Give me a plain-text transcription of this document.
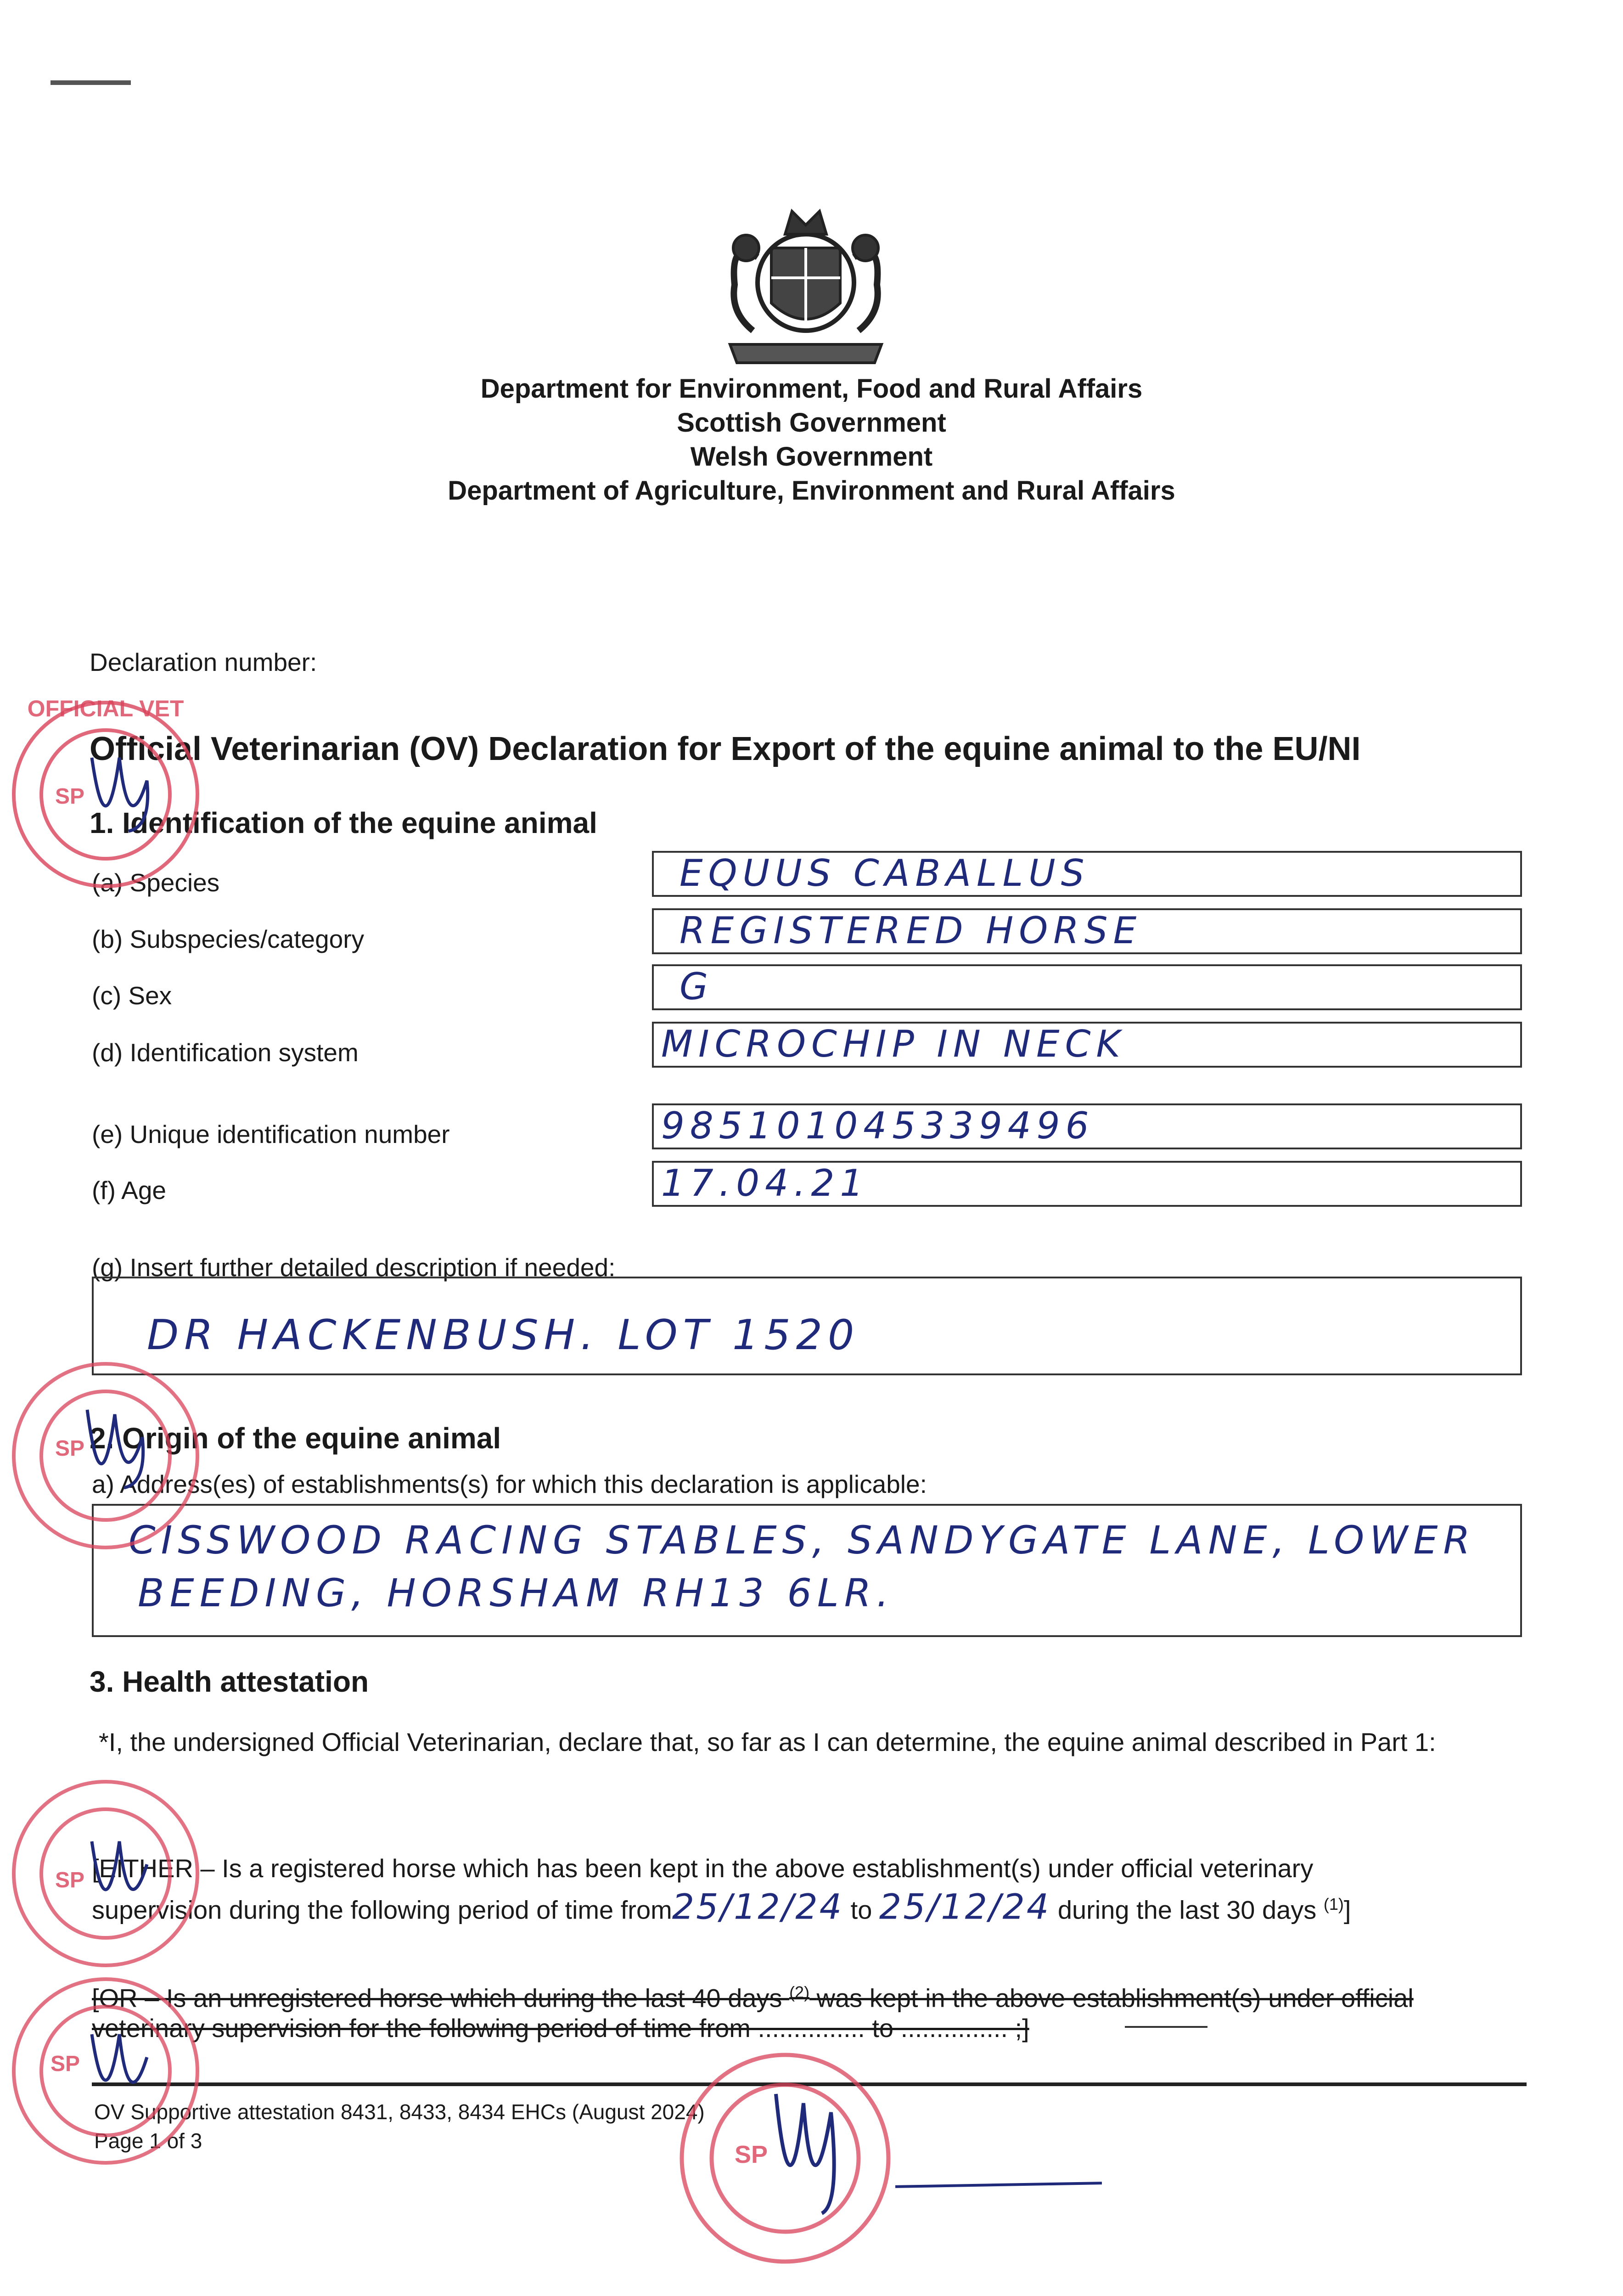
Department for Environment, Food and Rural Affairs
Scottish Government
Welsh Government
Department of Agriculture, Environment and Rural Affairs
Declaration number:
Official Veterinarian (OV) Declaration for Export of the equine animal to the EU/NI
1. Identification of the equine animal
(a) Species	EQUUS CABALLUS
(b) Subspecies/category	REGISTERED HORSE
(c) Sex	G
(d) Identification system	MICROCHIP IN NECK
(e) Unique identification number	985101045339496
(f) Age	17.04.21
(g) Insert further detailed description if needed:
DR HACKENBUSH. LOT 1520
2. Origin of the equine animal
a) Address(es) of establishments(s) for which this declaration is applicable:
CISSWOOD RACING STABLES, SANDYGATE LANE, LOWER
BEEDING, HORSHAM RH13 6LR.
3. Health attestation
*I, the undersigned Official Veterinarian, declare that, so far as I can determine, the equine animal described in Part 1:
[EITHER – Is a registered horse which has been kept in the above establishment(s) under official veterinary
supervision during the following period of time from25/12/24 to 25/12/24 during the last 30 days $^{(1)}$]
[OR – Is an unregistered horse which during the last 40 days $^{(2)}$ was kept in the above establishment(s) under official
veterinary supervision for the following period of time from ............... to ............... ;]
OV Supportive attestation 8431, 8433, 8434 EHCs (August 2024)
Page 1 of 3
OFFICIAL VET
SP
SP
SP
SP
SP
